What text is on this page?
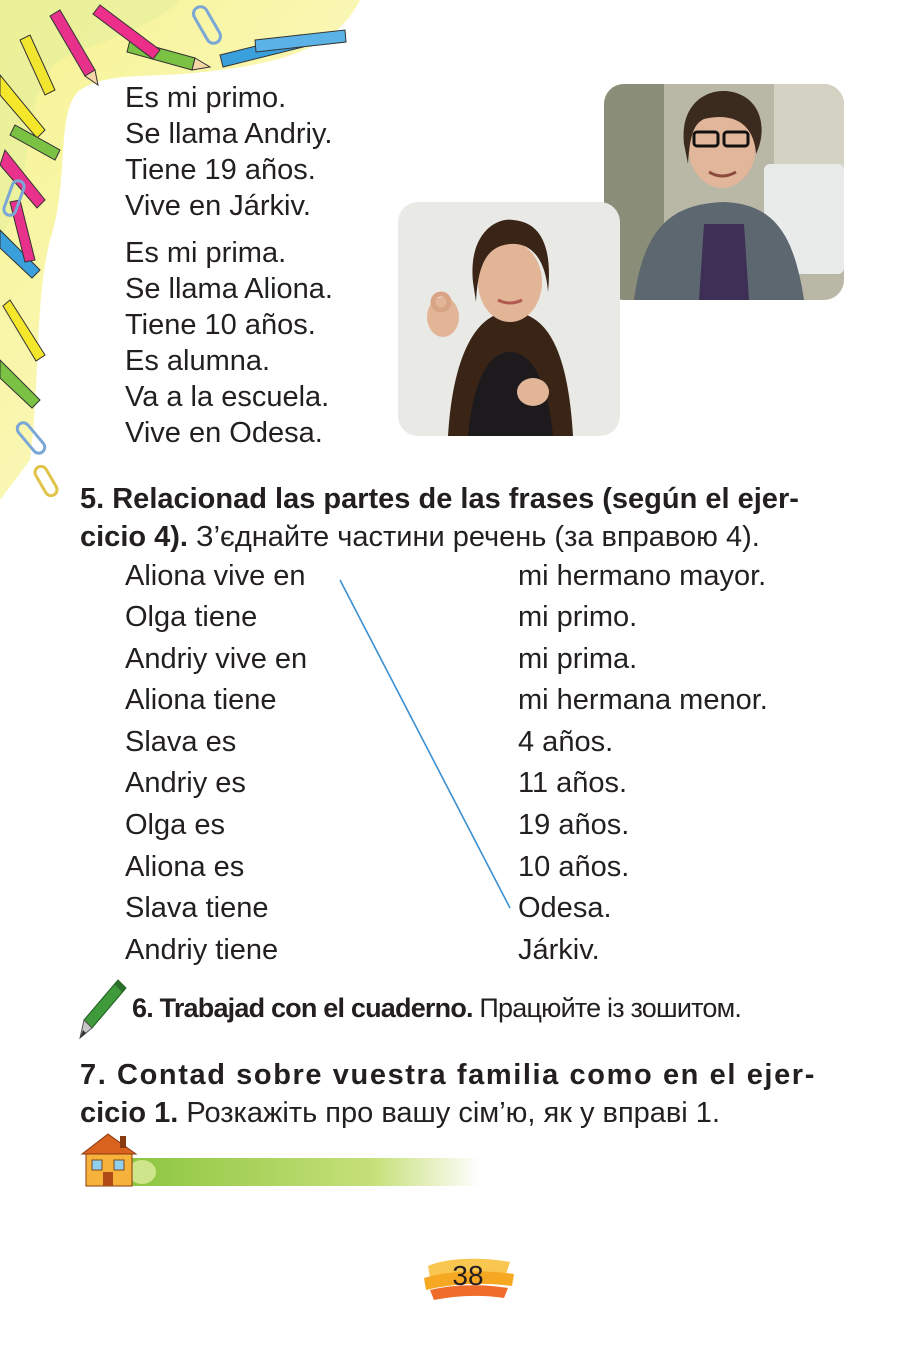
Es mi primo.
Se llama Andriy.
Tiene 19 años.
Vive en Járkiv.
Es mi prima.
Se llama Aliona.
Tiene 10 años.
Es alumna.
Va a la escuela.
Vive en Odesa.
5. Relacionad las partes de las frases (según el ejer-
cicio 4). З’єднайте частини речень (за вправою 4).
Aliona vive en
Olga tiene
Andriy vive en
Aliona tiene
Slava es
Andriy es
Olga es
Aliona es
Slava tiene
Andriy tiene
mi hermano mayor.
mi primo.
mi prima.
mi hermana menor.
4 años.
11 años.
19 años.
10 años.
Odesa.
Járkiv.
6. Trabajad con el cuaderno. Працюйте із зошитом.
7. Contad sobre vuestra familia como en el ejer-
cicio 1. Розкажіть про вашу сім’ю, як у вправі 1.
38
